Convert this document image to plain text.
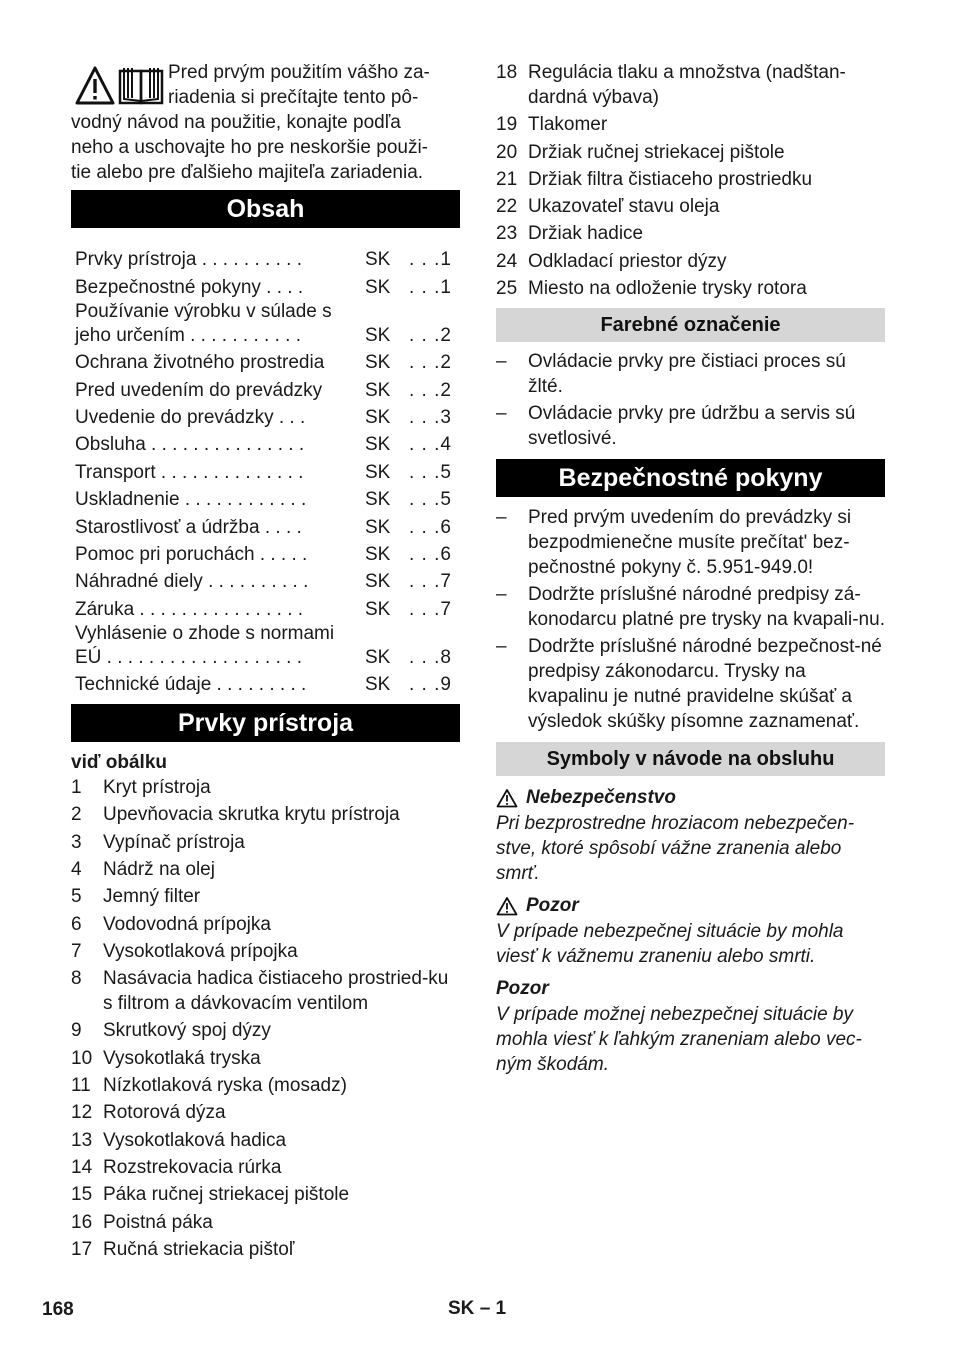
Pred prvým použitím vášho za-
riadenia si prečítajte tento pô-
vodný návod na použitie, konajte podľa
neho a uschovajte ho pre neskoršie použi-
tie alebo pre ďalšieho majiteľa zariadenia.
Obsah
Prvky prístroja . . . . . . . . . .	SK . . .1
Bezpečnostné pokyny . . . .	SK . . .1
Používanie výrobku v súlade s jeho určením . . . . . . . . . . .	SK . . .2
Ochrana životného prostredia	SK . . .2
Pred uvedením do prevádzky	SK . . .2
Uvedenie do prevádzky . . .	SK . . .3
Obsluha . . . . . . . . . . . . . . .	SK . . .4
Transport . . . . . . . . . . . . . .	SK . . .5
Uskladnenie . . . . . . . . . . . .	SK . . .5
Starostlivosť a údržba . . . .	SK . . .6
Pomoc pri poruchách . . . . .	SK . . .6
Náhradné diely . . . . . . . . . .	SK . . .7
Záruka . . . . . . . . . . . . . . . .	SK . . .7
Vyhlásenie o zhode s normami EÚ . . . . . . . . . . . . . . . . . . .	SK . . .8
Technické údaje . . . . . . . . .	SK . . .9
Prvky prístroja
viď obálku
1	Kryt prístroja
2	Upevňovacia skrutka krytu prístroja
3	Vypínač prístroja
4	Nádrž na olej
5	Jemný filter
6	Vodovodná prípojka
7	Vysokotlaková prípojka
8	Nasávacia hadica čistiaceho prostried-ku s filtrom a dávkovacím ventilom
9	Skrutkový spoj dýzy
10 Vysokotlaká tryska
11 Nízkotlaková ryska (mosadz)
12 Rotorová dýza
13 Vysokotlaková hadica
14 Rozstrekovacia rúrka
15 Páka ručnej striekacej pištole
16 Poistná páka
17 Ručná striekacia pištoľ
18 Regulácia tlaku a množstva (nadštan-dardná výbava)
19 Tlakomer
20 Držiak ručnej striekacej pištole
21 Držiak filtra čistiaceho prostriedku
22 Ukazovateľ stavu oleja
23 Držiak hadice
24 Odkladací priestor dýzy
25 Miesto na odloženie trysky rotora
Farebné označenie
–	Ovládacie prvky pre čistiaci proces sú žlté.
–	Ovládacie prvky pre údržbu a servis sú svetlosivé.
Bezpečnostné pokyny
–	Pred prvým uvedením do prevádzky si bezpodmienečne musíte prečítat' bez-pečnostné pokyny č. 5.951-949.0!
–	Dodržte príslušné národné predpisy zá-konodarcu platné pre trysky na kvapali-nu.
–	Dodržte príslušné národné bezpečnost-né predpisy zákonodarcu. Trysky na kvapalinu je nutné pravidelne skúšať a výsledok skúšky písomne zaznamenať.
Symboly v návode na obsluhu
Nebezpečenstvo
Pri bezprostredne hroziacom nebezpečen-stve, ktoré spôsobí vážne zranenia alebo smrť.
Pozor
V prípade nebezpečnej situácie by mohla viesť k vážnemu zraneniu alebo smrti.
Pozor
V prípade možnej nebezpečnej situácie by mohla viesť k ľahkým zraneniam alebo vec-ným škodám.
168	SK – 1
